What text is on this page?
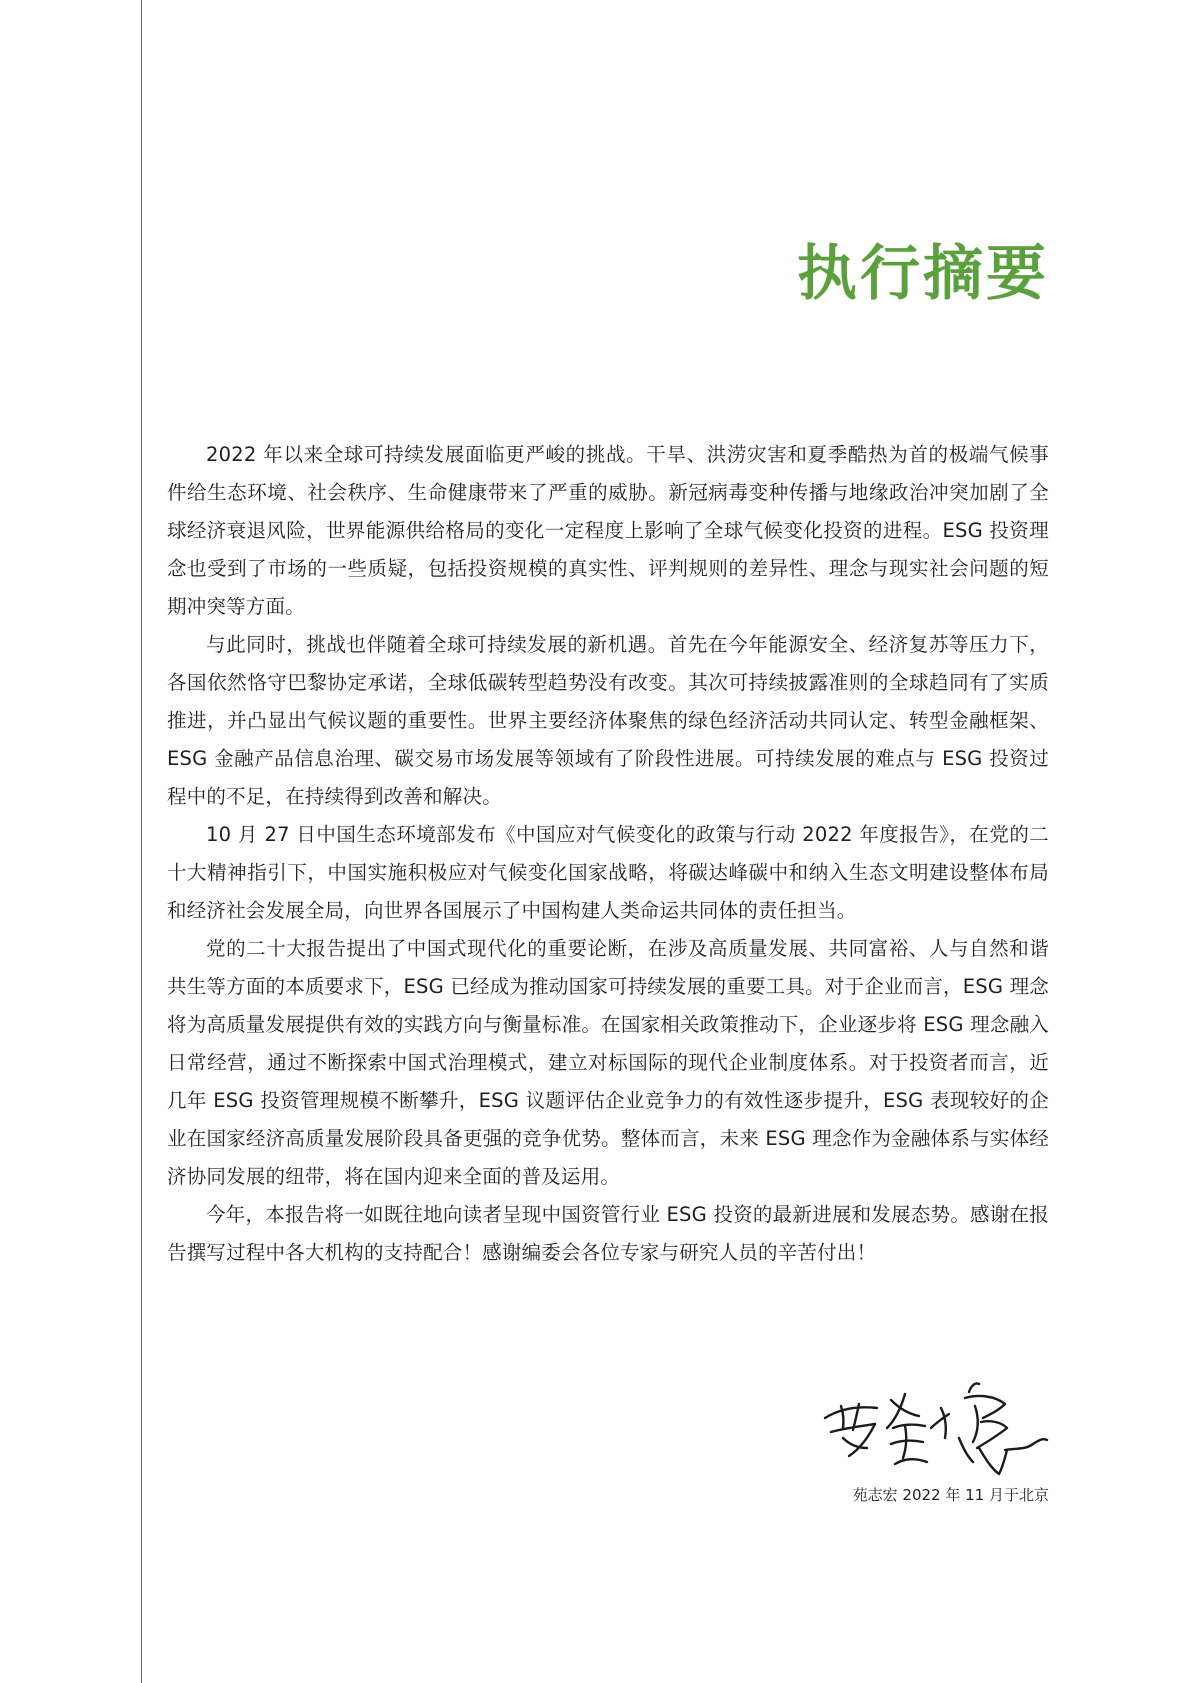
执行摘要

2022 年以来全球可持续发展面临更严峻的挑战。干旱、洪涝灾害和夏季酷热为首的极端气候事件给生态环境、社会秩序、生命健康带来了严重的威胁。新冠病毒变种传播与地缘政治冲突加剧了全球经济衰退风险，世界能源供给格局的变化一定程度上影响了全球气候变化投资的进程。ESG 投资理念也受到了市场的一些质疑，包括投资规模的真实性、评判规则的差异性、理念与现实社会问题的短期冲突等方面。

与此同时，挑战也伴随着全球可持续发展的新机遇。首先在今年能源安全、经济复苏等压力下，各国依然恪守巴黎协定承诺，全球低碳转型趋势没有改变。其次可持续披露准则的全球趋同有了实质推进，并凸显出气候议题的重要性。世界主要经济体聚焦的绿色经济活动共同认定、转型金融框架、ESG 金融产品信息治理、碳交易市场发展等领域有了阶段性进展。可持续发展的难点与 ESG 投资过程中的不足，在持续得到改善和解决。

10 月 27 日中国生态环境部发布《中国应对气候变化的政策与行动 2022 年度报告》，在党的二十大精神指引下，中国实施积极应对气候变化国家战略，将碳达峰碳中和纳入生态文明建设整体布局和经济社会发展全局，向世界各国展示了中国构建人类命运共同体的责任担当。

党的二十大报告提出了中国式现代化的重要论断，在涉及高质量发展、共同富裕、人与自然和谐共生等方面的本质要求下，ESG 已经成为推动国家可持续发展的重要工具。对于企业而言，ESG 理念将为高质量发展提供有效的实践方向与衡量标准。在国家相关政策推动下，企业逐步将 ESG 理念融入日常经营，通过不断探索中国式治理模式，建立对标国际的现代企业制度体系。对于投资者而言，近几年 ESG 投资管理规模不断攀升，ESG 议题评估企业竞争力的有效性逐步提升，ESG 表现较好的企业在国家经济高质量发展阶段具备更强的竞争优势。整体而言，未来 ESG 理念作为金融体系与实体经济协同发展的纽带，将在国内迎来全面的普及运用。

今年，本报告将一如既往地向读者呈现中国资管行业 ESG 投资的最新进展和发展态势。感谢在报告撰写过程中各大机构的支持配合！感谢编委会各位专家与研究人员的辛苦付出！

苑志宏 2022 年 11 月于北京
